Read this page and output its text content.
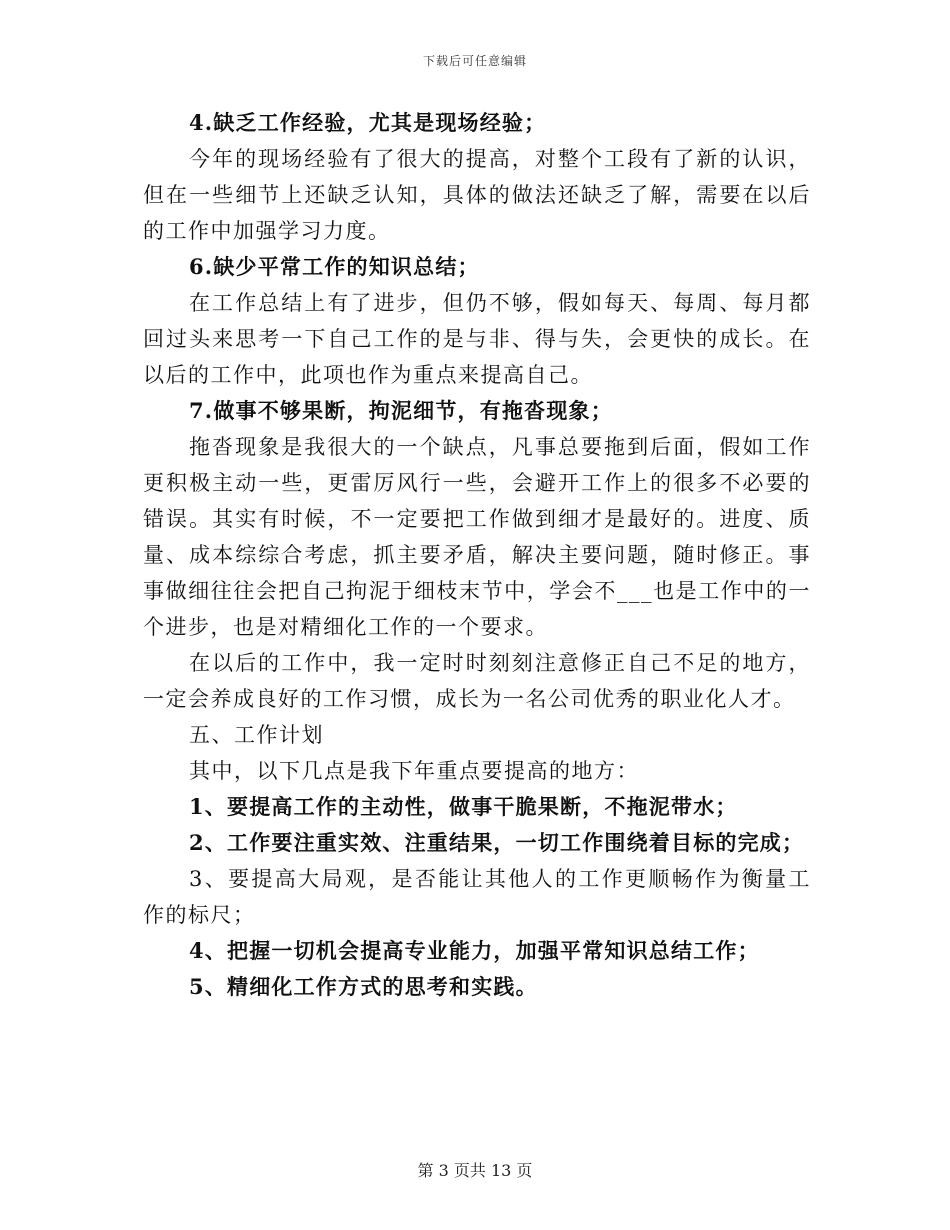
下载后可任意编辑

4.缺乏工作经验，尤其是现场经验；

今年的现场经验有了很大的提高，对整个工段有了新的认识，但在一些细节上还缺乏认知，具体的做法还缺乏了解，需要在以后的工作中加强学习力度。

6.缺少平常工作的知识总结；

在工作总结上有了进步，但仍不够，假如每天、每周、每月都回过头来思考一下自己工作的是与非、得与失，会更快的成长。在以后的工作中，此项也作为重点来提高自己。

7.做事不够果断，拘泥细节，有拖沓现象；

拖沓现象是我很大的一个缺点，凡事总要拖到后面，假如工作更积极主动一些，更雷厉风行一些，会避开工作上的很多不必要的错误。其实有时候，不一定要把工作做到细才是最好的。进度、质量、成本综综合考虑，抓主要矛盾，解决主要问题，随时修正。事事做细往往会把自己拘泥于细枝末节中，学会不___也是工作中的一个进步，也是对精细化工作的一个要求。

在以后的工作中，我一定时时刻刻注意修正自己不足的地方，一定会养成良好的工作习惯，成长为一名公司优秀的职业化人才。

五、工作计划

其中，以下几点是我下年重点要提高的地方：

1、要提高工作的主动性，做事干脆果断，不拖泥带水；

2、工作要注重实效、注重结果，一切工作围绕着目标的完成；

3、要提高大局观，是否能让其他人的工作更顺畅作为衡量工作的标尺；

4、把握一切机会提高专业能力，加强平常知识总结工作；

5、精细化工作方式的思考和实践。

第 3 页共 13 页
